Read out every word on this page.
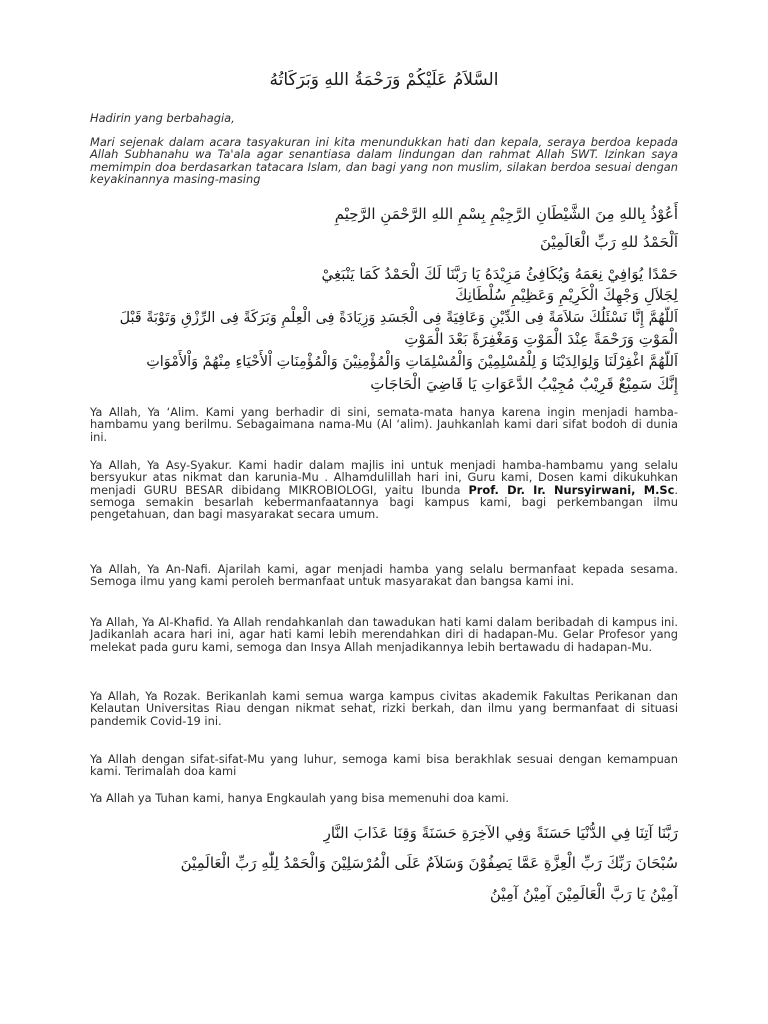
السَّلاَمُ عَلَيْكُمْ وَرَحْمَةُ اللهِ وَبَرَكَاتُهُ
Hadirin yang berbahagia,
Mari sejenak dalam acara tasyakuran ini kita menundukkan hati dan kepala, seraya berdoa kepada Allah Subhanahu wa Ta'ala agar senantiasa dalam lindungan dan rahmat Allah SWT. Izinkan saya memimpin doa berdasarkan tatacara Islam, dan bagi yang non muslim, silakan berdoa sesuai dengan keyakinannya masing-masing
أَعُوْذُ بِاللهِ مِنَ الشَّيْطَانِ الرَّجِيْمِ بِسْمِ اللهِ الرَّحْمَنِ الرَّحِيْمِ
اَلْحَمْدُ للهِ رَبِّ الْعَالَمِيْنَ
حَمْدًا يُوَافِيْ نِعَمَهُ وَيُكَافِئُ مَزِيْدَهُ يَا رَبَّنَا لَكَ الْحَمْدُ كَمَا يَنْبَغِيْ
لِجَلاَلِ وَجْهِكَ الْكَرِيْمِ وَعَظِيْمِ سُلْطَانِكَ
اَللَّهُمَّ إِنَّا نَسْئَلُكَ سَلاَمَةً فِى الدِّيْنِ وَعَافِيَةً فِى الْجَسَدِ وَزِيَادَةً فِى الْعِلْمِ وَبَرَكَةً فِى الرِّزْقِ وَتَوْبَةً قَبْلَ
الْمَوْتِ وَرَحْمَةً عِنْدَ الْمَوْتِ وَمَغْفِرَةً بَعْدَ الْمَوْتِ
اَللَّهُمَّ اغْفِرْلَنَا وَلِوَالِدَيْنَا وَ لِلْمُسْلِمِيْنَ وَالْمُسْلِمَاتِ وَالْمُؤْمِنِيْنَ وَالْمُؤْمِنَاتِ اْلأَحْيَاءِ مِنْهُمْ وَاْلأَمْوَاتِ
إِنَّكَ سَمِيْعٌ قَرِيْبٌ مُجِيْبُ الدَّعَوَاتِ يَا قَاضِيَ الْحَاجَاتِ
Ya Allah, Ya ‘Alim. Kami yang berhadir di sini, semata-mata hanya karena ingin menjadi hamba-hambamu yang berilmu. Sebagaimana nama-Mu (Al ‘alim). Jauhkanlah kami dari sifat bodoh di dunia ini.
Ya Allah, Ya Asy-Syakur. Kami hadir dalam majlis ini untuk menjadi hamba-hambamu yang selalu bersyukur atas nikmat dan karunia-Mu . Alhamdulillah hari ini, Guru kami, Dosen kami dikukuhkan menjadi GURU BESAR dibidang MIKROBIOLOGI, yaitu Ibunda Prof. Dr. Ir. Nursyirwani, M.Sc. semoga semakin besarlah kebermanfaatannya bagi kampus kami, bagi perkembangan ilmu pengetahuan, dan bagi masyarakat secara umum.
Ya Allah, Ya An-Nafi. Ajarilah kami, agar menjadi hamba yang selalu bermanfaat kepada sesama. Semoga ilmu yang kami peroleh bermanfaat untuk masyarakat dan bangsa kami ini.
Ya Allah, Ya Al-Khafid. Ya Allah rendahkanlah dan tawadukan hati kami dalam beribadah di kampus ini. Jadikanlah acara hari ini, agar hati kami lebih merendahkan diri di hadapan-Mu. Gelar Profesor yang melekat pada guru kami, semoga dan Insya Allah menjadikannya lebih bertawadu di hadapan-Mu.
Ya Allah, Ya Rozak. Berikanlah kami semua warga kampus civitas akademik Fakultas Perikanan dan Kelautan Universitas Riau dengan nikmat sehat, rizki berkah, dan ilmu yang bermanfaat di situasi pandemik Covid-19 ini.
Ya Allah dengan sifat-sifat-Mu yang luhur, semoga kami bisa berakhlak sesuai dengan kemampuan kami. Terimalah doa kami
Ya Allah ya Tuhan kami, hanya Engkaulah yang bisa memenuhi doa kami.
رَبَّنَا آتِنَا فِي الدُّنْيَا حَسَنَةً وَفِي الآخِرَةِ حَسَنَةً وَقِنَا عَذَابَ النَّارِ
سُبْحَانَ رَبِّكَ رَبِّ الْعِزَّةِ عَمَّا يَصِفُوْنَ وَسَلاَمٌ عَلَى الْمُرْسَلِيْنَ وَالْحَمْدُ لِلّٰهِ رَبِّ الْعَالَمِيْنَ
آمِيْنُ يَا رَبَّ الْعَالَمِيْنَ آمِيْنُ آمِيْنُ
